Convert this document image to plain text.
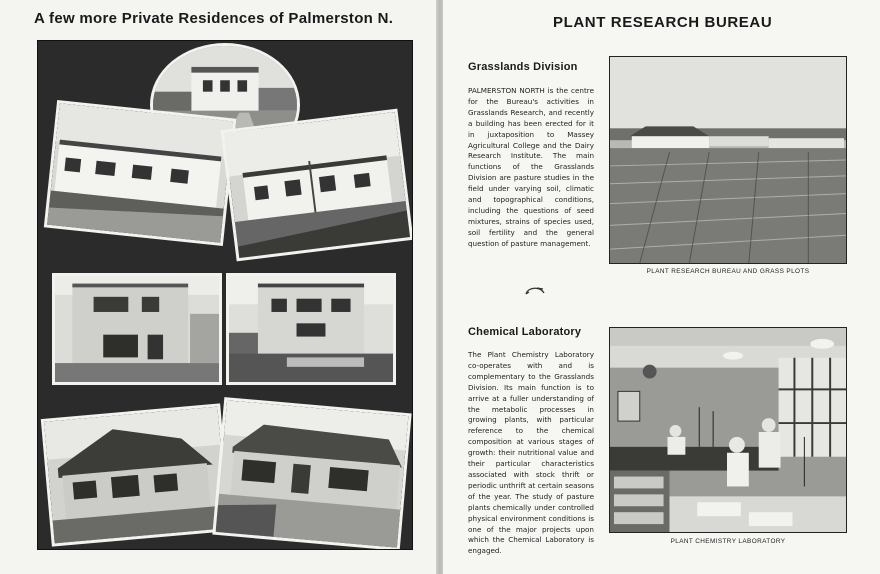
A few more Private Residences of Palmerston N.	PLANT RESEARCH BUREAU
Grasslands Division

PALMERSTON NORTH is the centre for the Bureau's activities in Grasslands Research, and recently a building has been erected for it in juxtaposition to Massey Agricultural College and the Dairy Research Institute. The main functions of the Grasslands Division are pasture studies in the field under varying soil, climatic and topographical conditions, including the questions of seed mixtures, strains of species used, soil fertility and the general question of pasture management.

PLANT RESEARCH BUREAU AND GRASS PLOTS

Chemical Laboratory

The Plant Chemistry Laboratory co-operates with and is complementary to the Grasslands Division. Its main function is to arrive at a fuller understanding of the metabolic processes in growing plants, with particular reference to the chemical composition at various stages of growth: their nutritional value and their particular characteristics associated with stock thrift or periodic unthrift at certain seasons of the year. The study of pasture plants chemically under controlled physical environment conditions is one of the major projects upon which the Chemical Laboratory is engaged.

PLANT CHEMISTRY LABORATORY
